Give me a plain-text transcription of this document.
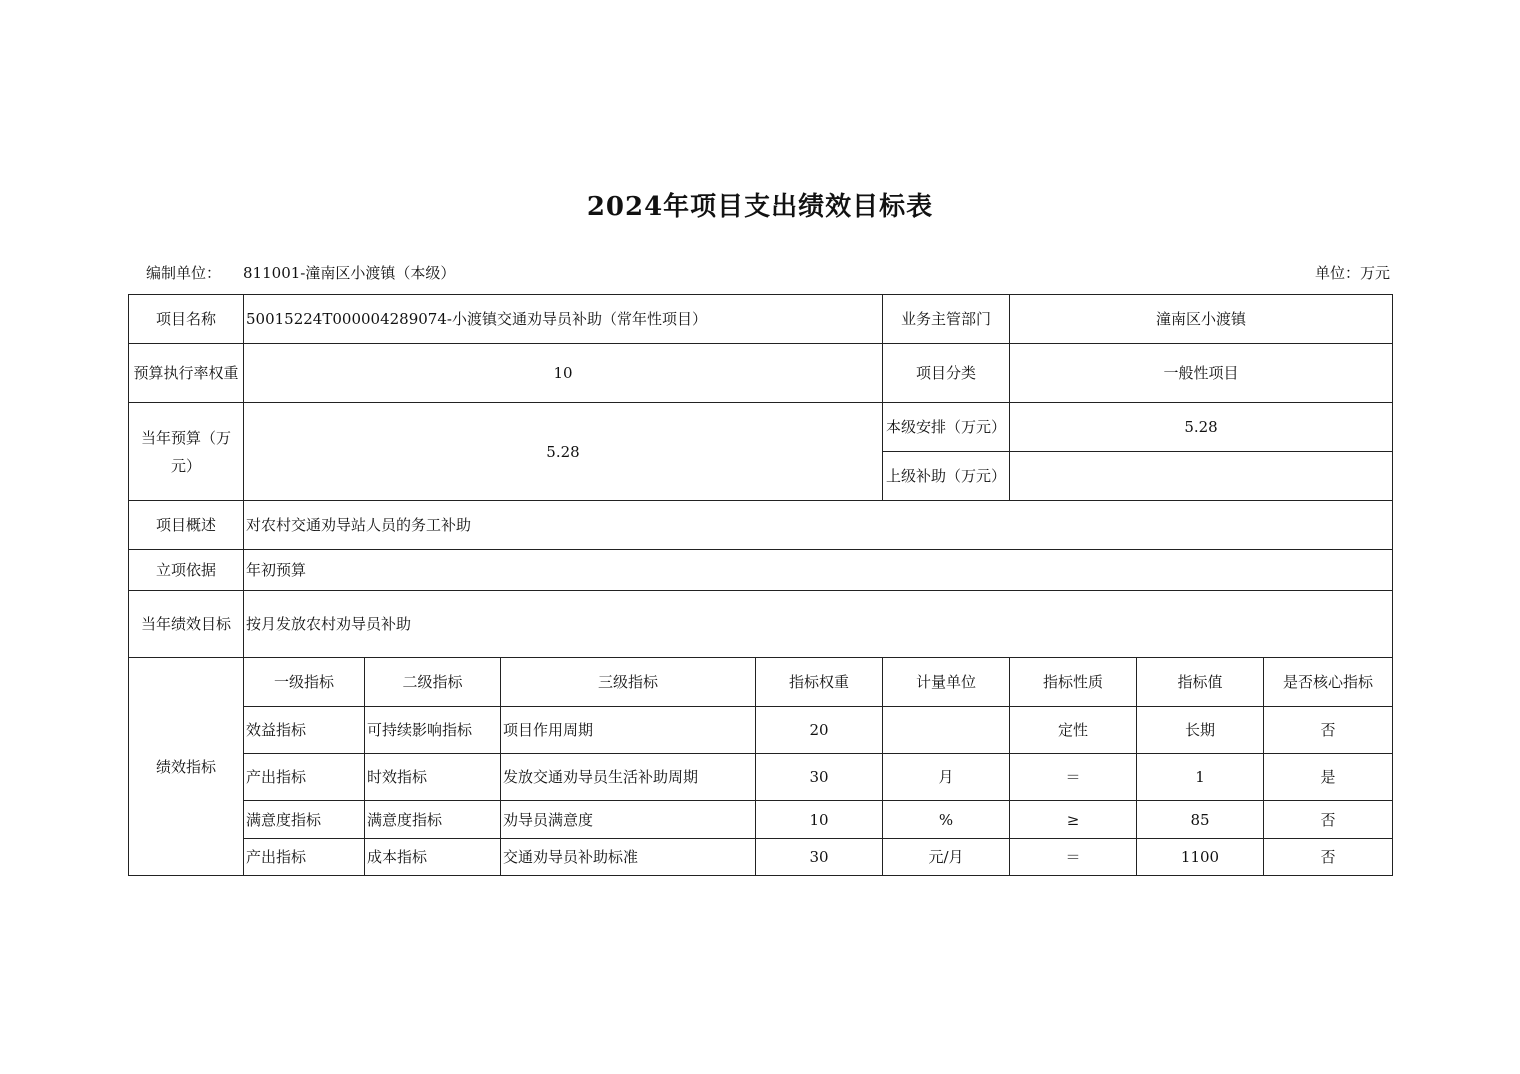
2024年项目支出绩效目标表
编制单位： 811001-潼南区小渡镇（本级）	单位：万元
项目名称	50015224T000004289074-小渡镇交通劝导员补助（常年性项目）				业务主管部门	潼南区小渡镇		
预算执行率权重	10				项目分类	一般性项目		
当年预算（万元）	5.28				本级安排（万元）	5.28		
					上级补助（万元）			
项目概述	对农村交通劝导站人员的务工补助							
立项依据	年初预算							
当年绩效目标	按月发放农村劝导员补助							
绩效指标	一级指标	二级指标	三级指标	指标权重	计量单位	指标性质	指标值	是否核心指标
	效益指标	可持续影响指标	项目作用周期	20		定性	长期	否
	产出指标	时效指标	发放交通劝导员生活补助周期	30	月	＝	1	是
	满意度指标	满意度指标	劝导员满意度	10	%	≥	85	否
	产出指标	成本指标	交通劝导员补助标准	30	元/月	＝	1100	否
